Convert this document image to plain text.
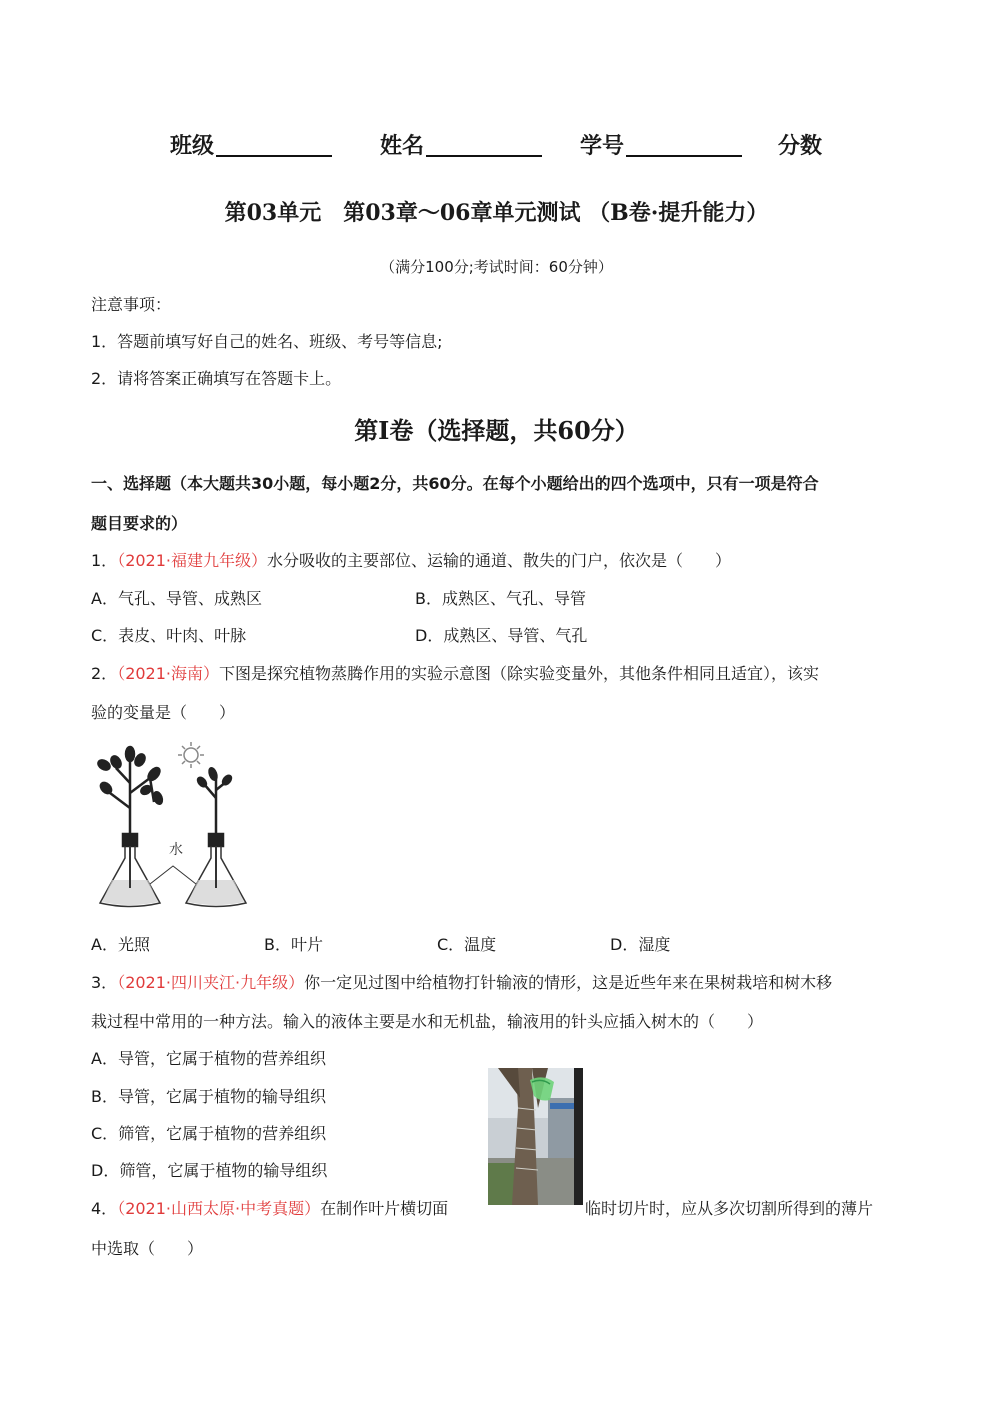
班级	姓名	学号	分数
第03单元　第03章～06章单元测试 （B卷·提升能力）
（满分100分;考试时间：60分钟）
注意事项：
1．答题前填写好自己的姓名、班级、考号等信息;
2．请将答案正确填写在答题卡上。
第Ⅰ卷（选择题，共60分）
一、选择题（本大题共30小题，每小题2分，共60分。在每个小题给出的四个选项中，只有一项是符合
题目要求的）
1．（2021·福建九年级）水分吸收的主要部位、运输的通道、散失的门户，依次是（　　）
A．气孔、导管、成熟区	B．成熟区、气孔、导管
C．表皮、叶肉、叶脉	D．成熟区、导管、气孔
2．（2021·海南）下图是探究植物蒸腾作用的实验示意图（除实验变量外，其他条件相同且适宜），该实
验的变量是（　　）
水
A．光照	B．叶片	C．温度	D．湿度
3．（2021·四川夹江·九年级）你一定见过图中给植物打针输液的情形，这是近些年来在果树栽培和树木移
栽过程中常用的一种方法。输入的液体主要是水和无机盐，输液用的针头应插入树木的（　　）
A．导管，它属于植物的营养组织
B．导管，它属于植物的输导组织
C．筛管，它属于植物的营养组织
D．筛管，它属于植物的输导组织
4．（2021·山西太原·中考真题）在制作叶片横切面	临时切片时，应从多次切割所得到的薄片
中选取（　　）
